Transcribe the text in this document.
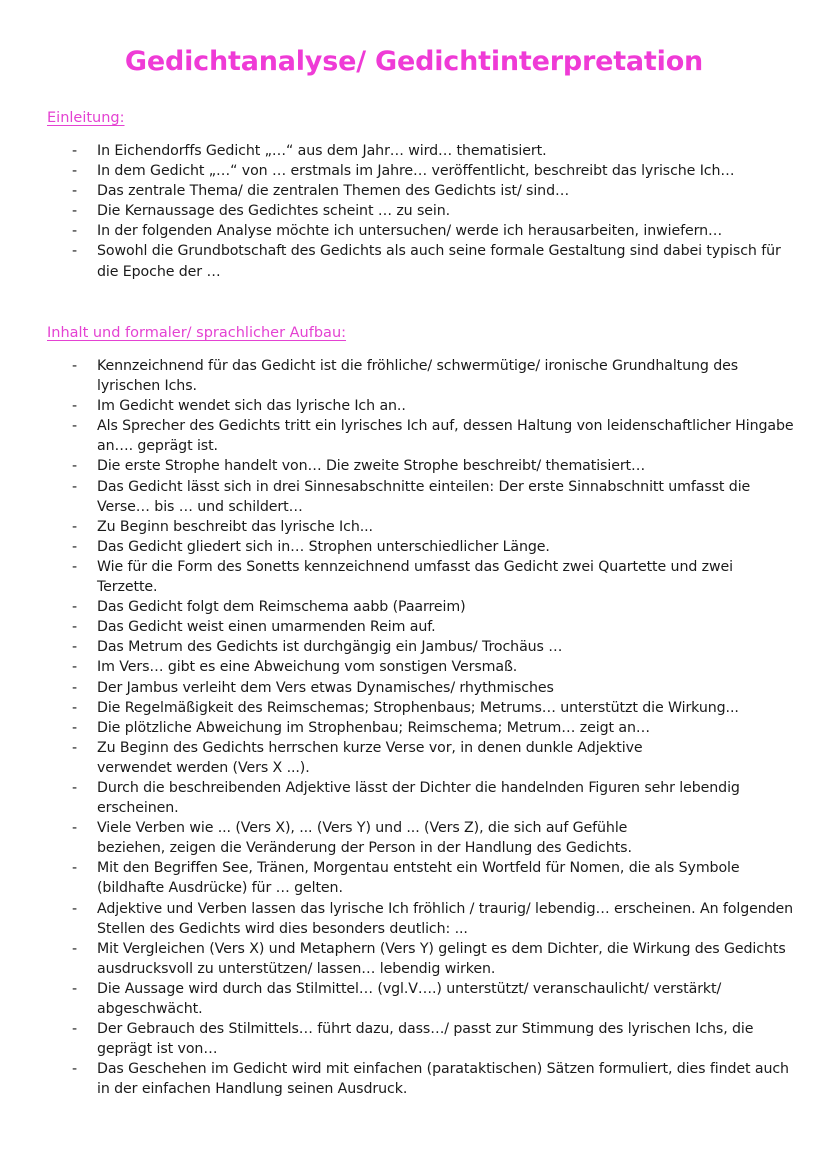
Gedichtanalyse/ Gedichtinterpretation
Einleitung:
- In Eichendorffs Gedicht „…“ aus dem Jahr… wird… thematisiert.
- In dem Gedicht „…“ von … erstmals im Jahre… veröffentlicht, beschreibt das lyrische Ich…
- Das zentrale Thema/ die zentralen Themen des Gedichts ist/ sind…
- Die Kernaussage des Gedichtes scheint … zu sein.
- In der folgenden Analyse möchte ich untersuchen/ werde ich herausarbeiten, inwiefern…
- Sowohl die Grundbotschaft des Gedichts als auch seine formale Gestaltung sind dabei typisch für die Epoche der …
Inhalt und formaler/ sprachlicher Aufbau:
- Kennzeichnend für das Gedicht ist die fröhliche/ schwermütige/ ironische Grundhaltung des lyrischen Ichs.
- Im Gedicht wendet sich das lyrische Ich an..
- Als Sprecher des Gedichts tritt ein lyrisches Ich auf, dessen Haltung von leidenschaftlicher Hingabe an…. geprägt ist.
- Die erste Strophe handelt von… Die zweite Strophe beschreibt/ thematisiert…
- Das Gedicht lässt sich in drei Sinnesabschnitte einteilen: Der erste Sinnabschnitt umfasst die Verse… bis … und schildert…
- Zu Beginn beschreibt das lyrische Ich...
- Das Gedicht gliedert sich in… Strophen unterschiedlicher Länge.
- Wie für die Form des Sonetts kennzeichnend umfasst das Gedicht zwei Quartette und zwei Terzette.
- Das Gedicht folgt dem Reimschema aabb (Paarreim)
- Das Gedicht weist einen umarmenden Reim auf.
- Das Metrum des Gedichts ist durchgängig ein Jambus/ Trochäus …
- Im Vers… gibt es eine Abweichung vom sonstigen Versmaß.
- Der Jambus verleiht dem Vers etwas Dynamisches/ rhythmisches
- Die Regelmäßigkeit des Reimschemas; Strophenbaus; Metrums… unterstützt die Wirkung...
- Die plötzliche Abweichung im Strophenbau; Reimschema; Metrum… zeigt an…
- Zu Beginn des Gedichts herrschen kurze Verse vor, in denen dunkle Adjektive
verwendet werden (Vers X ...).
- Durch die beschreibenden Adjektive lässt der Dichter die handelnden Figuren sehr lebendig erscheinen.
- Viele Verben wie ... (Vers X), ... (Vers Y) und ... (Vers Z), die sich auf Gefühle
beziehen, zeigen die Veränderung der Person in der Handlung des Gedichts.
- Mit den Begriffen See, Tränen, Morgentau entsteht ein Wortfeld für Nomen, die als Symbole (bildhafte Ausdrücke) für … gelten.
- Adjektive und Verben lassen das lyrische Ich fröhlich / traurig/ lebendig… erscheinen. An folgenden Stellen des Gedichts wird dies besonders deutlich: ...
- Mit Vergleichen (Vers X) und Metaphern (Vers Y) gelingt es dem Dichter, die Wirkung des Gedichts ausdrucksvoll zu unterstützen/ lassen… lebendig wirken.
- Die Aussage wird durch das Stilmittel… (vgl.V….) unterstützt/ veranschaulicht/ verstärkt/ abgeschwächt.
- Der Gebrauch des Stilmittels… führt dazu, dass…/ passt zur Stimmung des lyrischen Ichs, die geprägt ist von…
- Das Geschehen im Gedicht wird mit einfachen (parataktischen) Sätzen formuliert, dies findet auch in der einfachen Handlung seinen Ausdruck.
